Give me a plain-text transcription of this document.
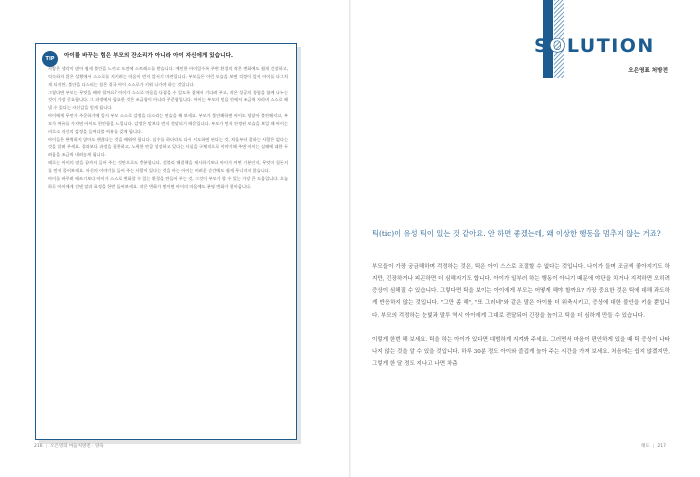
TIP 아이를 바꾸는 힘은 부모의 잔소리가 아니라 아이 자신에게 있습니다.

사람은 생각이 많아 쉽게 불안을 느끼고 도전에 스트레스를 받습니다. 예민한 아이일수록 주변 환경의 작은 변화에도 쉽게 긴장하고, 익숙하지 않은 상황에서 스스로를 지키려는 마음이 먼저 앞서기 마련입니다. 부모들은 이런 모습을 보면 걱정이 앞서 아이를 다그치게 되지만, 불안을 다스리는 힘은 결국 아이 스스로가 키워 나가야 하는 것입니다.

그렇다면 부모는 무엇을 해야 할까요? 아이가 스스로 마음을 다잡을 수 있도록 곁에서 기다려 주고, 작은 성공의 경험을 함께 나누는 것이 가장 중요합니다. 그 과정에서 필요한 것은 조급함이 아니라 꾸준함입니다. 아이는 부모의 믿음 안에서 조금씩 자라며 스스로 해낼 수 있다는 자신감을 얻게 됩니다.

아이에게 무언가 주문하기에 앞서 부모 스스로 감정을 다스리는 연습을 해 보세요. 부모가 불안해하면 아이도 덩달아 불안해지고, 부모가 여유를 가지면 아이도 편안함을 느낍니다. 감정은 말보다 먼저 전달되기 때문입니다. 부모가 먼저 안정된 모습을 보일 때 아이는 비로소 자신의 감정을 들여다볼 여유를 갖게 됩니다.

아이들은 완벽하지 않아도 괜찮다는 것을 배워야 합니다. 실수를 하더라도 다시 시도하면 된다는 것, 처음부터 잘하는 사람은 없다는 것을 알려 주세요. 결과보다 과정을 칭찬하고, 노력한 만큼 성장하고 있다는 사실을 구체적으로 이야기해 주면 아이는 실패에 대한 두려움을 조금씩 내려놓게 됩니다.

때로는 아이의 말을 끝까지 들어 주는 것만으로도 충분합니다. 섣불리 해결책을 제시하기보다 아이가 어떤 기분인지, 무엇이 힘든지를 먼저 물어보세요. 자신의 이야기를 들어 주는 사람이 있다는 것을 아는 아이는 어려운 순간에도 쉽게 무너지지 않습니다.

아이를 바꾸려 애쓰기보다 아이가 스스로 변화할 수 있는 환경을 만들어 주는 것, 그것이 부모가 할 수 있는 가장 큰 도움입니다. 오늘 하루 아이에게 건넨 말과 표정을 한번 돌아보세요. 작은 변화가 쌓이면 아이의 마음에도 분명 변화가 찾아옵니다.

216 | 오은영의 마음처방전 · 양육
SOLUTION
오은영표 처방전
틱(tic)이 유성 틱이 있는 것 같아요. 안 하면 좋겠는데, 왜 이상한 행동을 멈추지 않는 거죠?

부모들이 가장 궁금해하며 걱정하는 것은, 틱은 아이 스스로 조절할 수 없다는 것입니다. 나이가 들며 조금씩 좋아지기도 하지만, 긴장하거나 피곤하면 더 심해지기도 합니다. 아이가 일부러 하는 행동이 아니기 때문에 야단을 치거나 지적하면 오히려 증상이 심해질 수 있습니다. 그렇다면 틱을 보이는 아이에게 부모는 어떻게 해야 할까요? 가장 중요한 것은 틱에 대해 과도하게 반응하지 않는 것입니다. "그만 좀 해", "또 그러네"와 같은 말은 아이를 더 위축시키고, 증상에 대한 불안을 키울 뿐입니다. 부모의 걱정하는 눈빛과 말투 역시 아이에게 그대로 전달되어 긴장을 높이고 틱을 더 심하게 만들 수 있습니다.

이렇게 한번 해 보세요. 틱을 하는 아이가 있다면 대범하게 지켜봐 주세요. 그러면서 마음이 편안하게 있을 때 틱 증상이 나타나지 않는 것을 알 수 있을 것입니다. 하루 30분 정도 아이와 즐겁게 놀아 주는 시간을 가져 보세요. 처음에는 쉽지 않겠지만, 그렇게 한 달 정도 지나고 나면 차츰

태도 | 217
